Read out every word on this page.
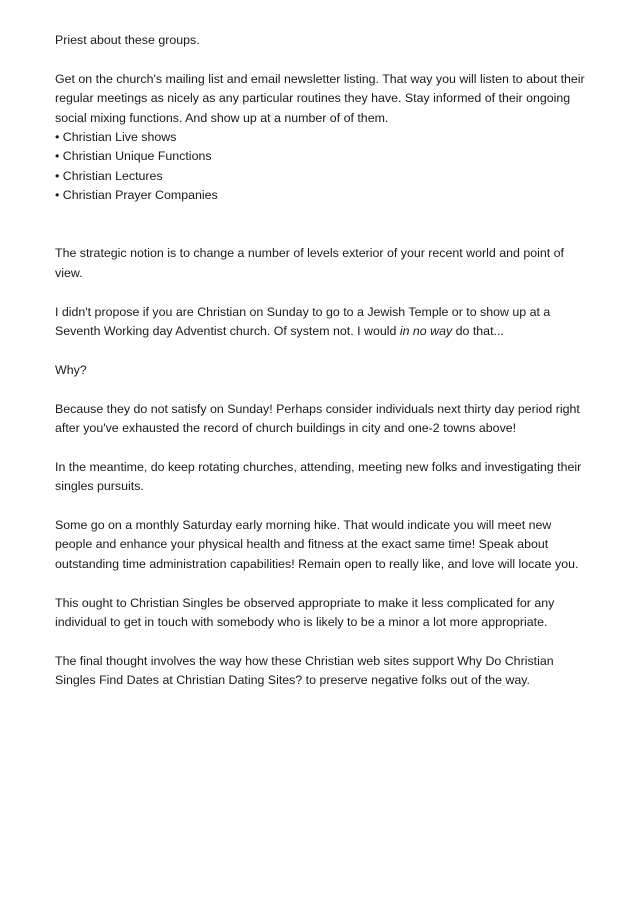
Priest about these groups.

Get on the church's mailing list and email newsletter listing. That way you will listen to about their regular meetings as nicely as any particular routines they have. Stay informed of their ongoing social mixing functions. And show up at a number of of them.

• Christian Live shows
• Christian Unique Functions
• Christian Lectures
• Christian Prayer Companies

The strategic notion is to change a number of levels exterior of your recent world and point of view.

I didn't propose if you are Christian on Sunday to go to a Jewish Temple or to show up at a Seventh Working day Adventist church. Of system not. I would in no way do that...

Why?

Because they do not satisfy on Sunday! Perhaps consider individuals next thirty day period right after you've exhausted the record of church buildings in city and one-2 towns above!

In the meantime, do keep rotating churches, attending, meeting new folks and investigating their singles pursuits.

Some go on a monthly Saturday early morning hike. That would indicate you will meet new people and enhance your physical health and fitness at the exact same time! Speak about outstanding time administration capabilities! Remain open to really like, and love will locate you.

This ought to Christian Singles be observed appropriate to make it less complicated for any individual to get in touch with somebody who is likely to be a minor a lot more appropriate.

The final thought involves the way how these Christian web sites support Why Do Christian Singles Find Dates at Christian Dating Sites? to preserve negative folks out of the way.
